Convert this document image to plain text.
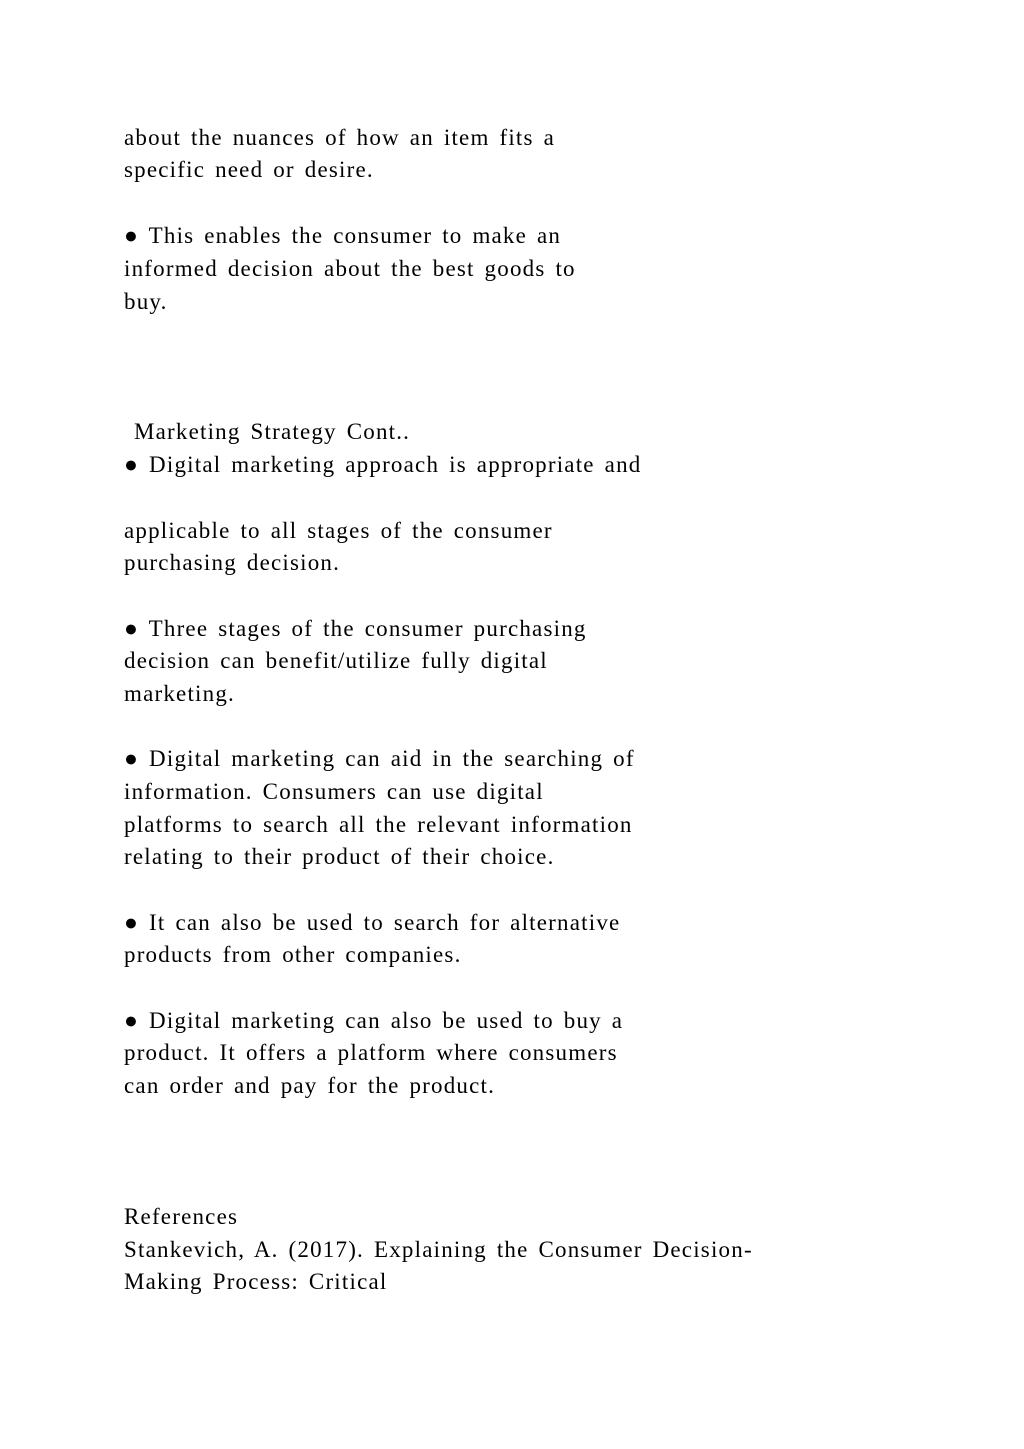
about the nuances of how an item fits a
specific need or desire.
● This enables the consumer to make an
informed decision about the best goods to
buy.
Marketing Strategy Cont..
● Digital marketing approach is appropriate and
applicable to all stages of the consumer
purchasing decision.
● Three stages of the consumer purchasing
decision can benefit/utilize fully digital
marketing.
● Digital marketing can aid in the searching of
information. Consumers can use digital
platforms to search all the relevant information
relating to their product of their choice.
● It can also be used to search for alternative
products from other companies.
● Digital marketing can also be used to buy a
product. It offers a platform where consumers
can order and pay for the product.
References
Stankevich, A. (2017). Explaining the Consumer Decision-
Making Process: Critical
